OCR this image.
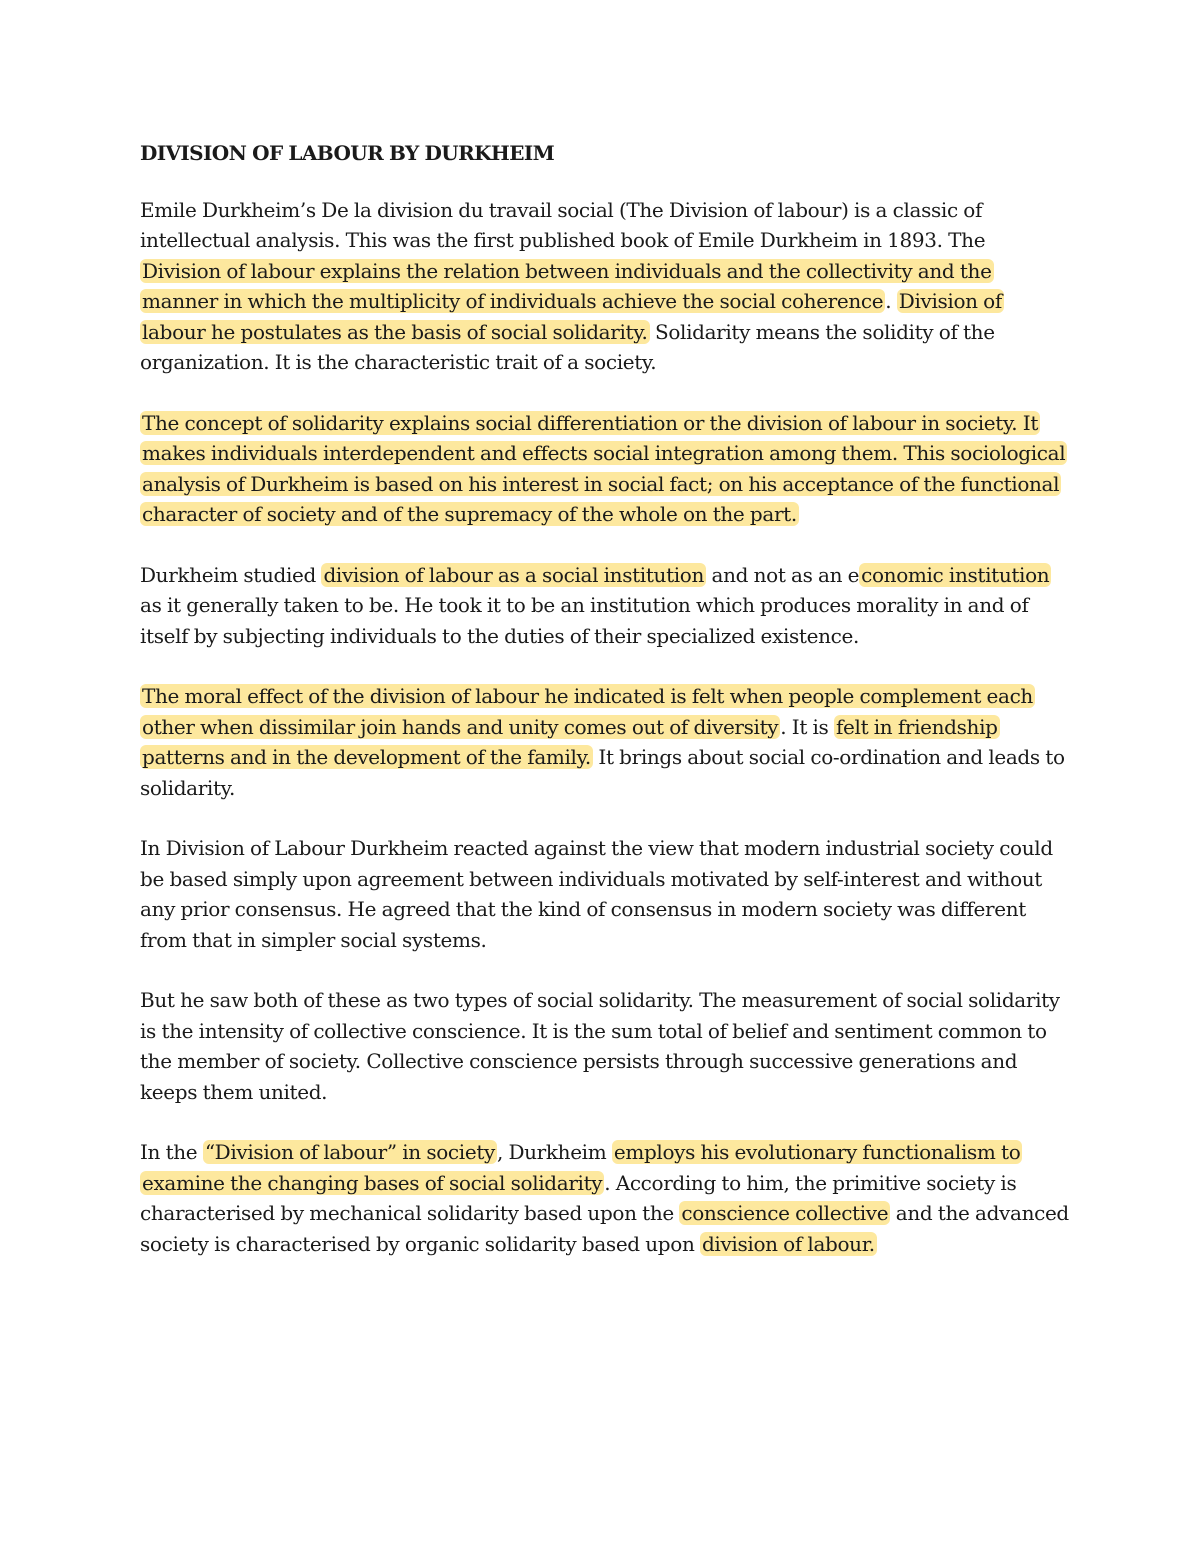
DIVISION OF LABOUR BY DURKHEIM

Emile Durkheim’s De la division du travail social (The Division of labour) is a classic of intellectual analysis. This was the first published book of Emile Durkheim in 1893. The Division of labour explains the relation between individuals and the collectivity and the manner in which the multiplicity of individuals achieve the social coherence . Division of labour he postulates as the basis of social solidarity. Solidarity means the solidity of the organization. It is the characteristic trait of a society.

The concept of solidarity explains social differentiation or the division of labour in society. It makes individuals interdependent and effects social integration among them. This sociological analysis of Durkheim is based on his interest in social fact; on his acceptance of the functional character of society and of the supremacy of the whole on the part.

Durkheim studied division of labour as a social institution and not as an e conomic institution as it generally taken to be. He took it to be an institution which produces morality in and of itself by subjecting individuals to the duties of their specialized existence.

The moral effect of the division of labour he indicated is felt when people complement each other when dissimilar join hands and unity comes out of diversity . It is felt in friendship patterns and in the development of the family. It brings about social co-ordination and leads to solidarity.

In Division of Labour Durkheim reacted against the view that modern industrial society could be based simply upon agreement between individuals motivated by self-interest and without any prior consensus. He agreed that the kind of consensus in modern society was different from that in simpler social systems.

But he saw both of these as two types of social solidarity. The measurement of social solidarity is the intensity of collective conscience. It is the sum total of belief and sentiment common to the member of society. Collective conscience persists through successive generations and keeps them united.

In the “Division of labour” in society , Durkheim employs his evolutionary functionalism to examine the changing bases of social solidarity . According to him, the primitive society is characterised by mechanical solidarity based upon the conscience collective and the advanced society is characterised by organic solidarity based upon division of labour.
